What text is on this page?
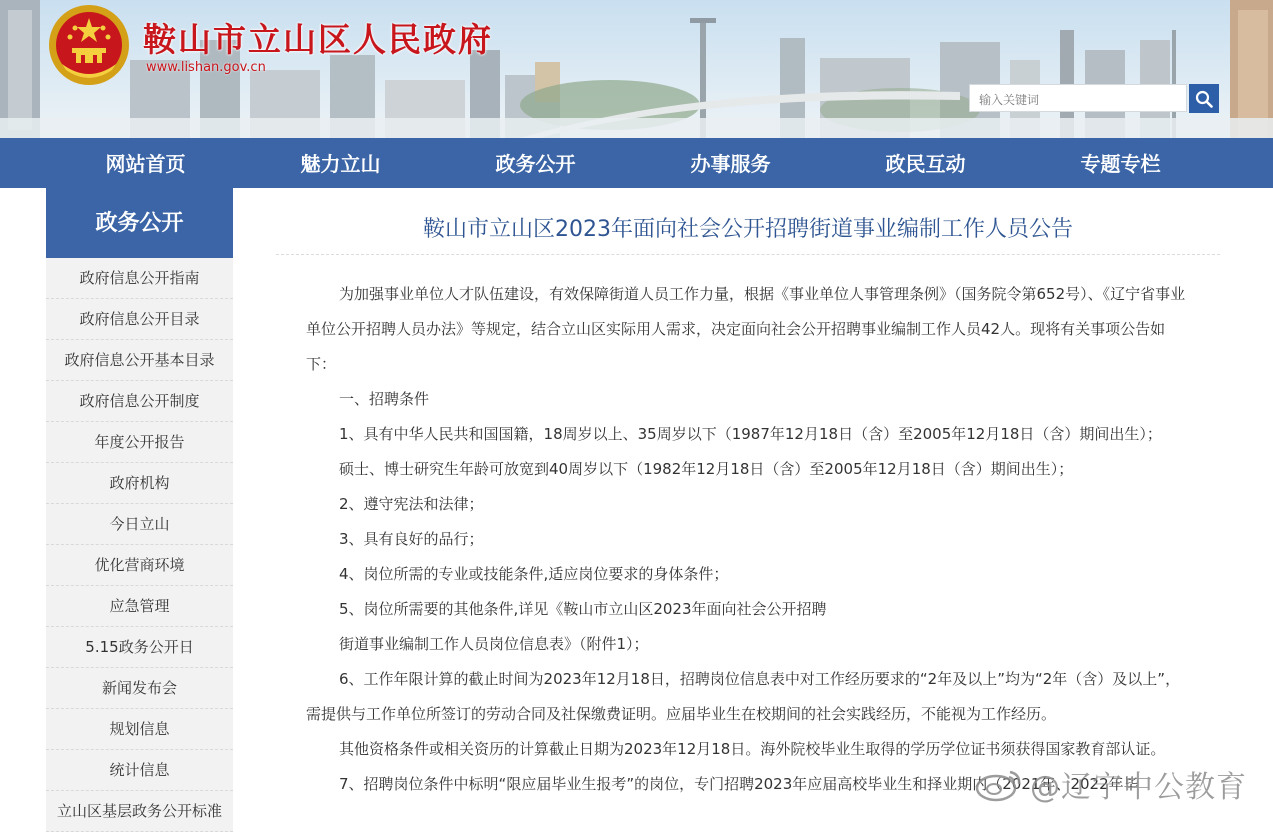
鞍山市立山区人民政府
www.lishan.gov.cn
输入关键词
网站首页	魅力立山	政务公开	办事服务	政民互动	专题专栏
政务公开
政府信息公开指南
政府信息公开目录
政府信息公开基本目录
政府信息公开制度
年度公开报告
政府机构
今日立山
优化营商环境
应急管理
5.15政务公开日
新闻发布会
规划信息
统计信息
立山区基层政务公开标准
鞍山市立山区2023年面向社会公开招聘街道事业编制工作人员公告

为加强事业单位人才队伍建设，有效保障街道人员工作力量，根据《事业单位人事管理条例》（国务院令第652号）、《辽宁省事业单位公开招聘人员办法》等规定，结合立山区实际用人需求，决定面向社会公开招聘事业编制工作人员42人。现将有关事项公告如下：

一、招聘条件

1、具有中华人民共和国国籍，18周岁以上、35周岁以下（1987年12月18日（含）至2005年12月18日（含）期间出生）；

硕士、博士研究生年龄可放宽到40周岁以下（1982年12月18日（含）至2005年12月18日（含）期间出生）；

2、遵守宪法和法律；

3、具有良好的品行；

4、岗位所需的专业或技能条件,适应岗位要求的身体条件；

5、岗位所需要的其他条件,详见《鞍山市立山区2023年面向社会公开招聘

街道事业编制工作人员岗位信息表》（附件1）；

6、工作年限计算的截止时间为2023年12月18日，招聘岗位信息表中对工作经历要求的“2年及以上”均为“2年（含）及以上”，需提供与工作单位所签订的劳动合同及社保缴费证明。应届毕业生在校期间的社会实践经历，不能视为工作经历。

其他资格条件或相关资历的计算截止日期为2023年12月18日。海外院校毕业生取得的学历学位证书须获得国家教育部认证。

7、招聘岗位条件中标明“限应届毕业生报考”的岗位，专门招聘2023年应届高校毕业生和择业期内（2021年、2022年毕

@辽宁中公教育
